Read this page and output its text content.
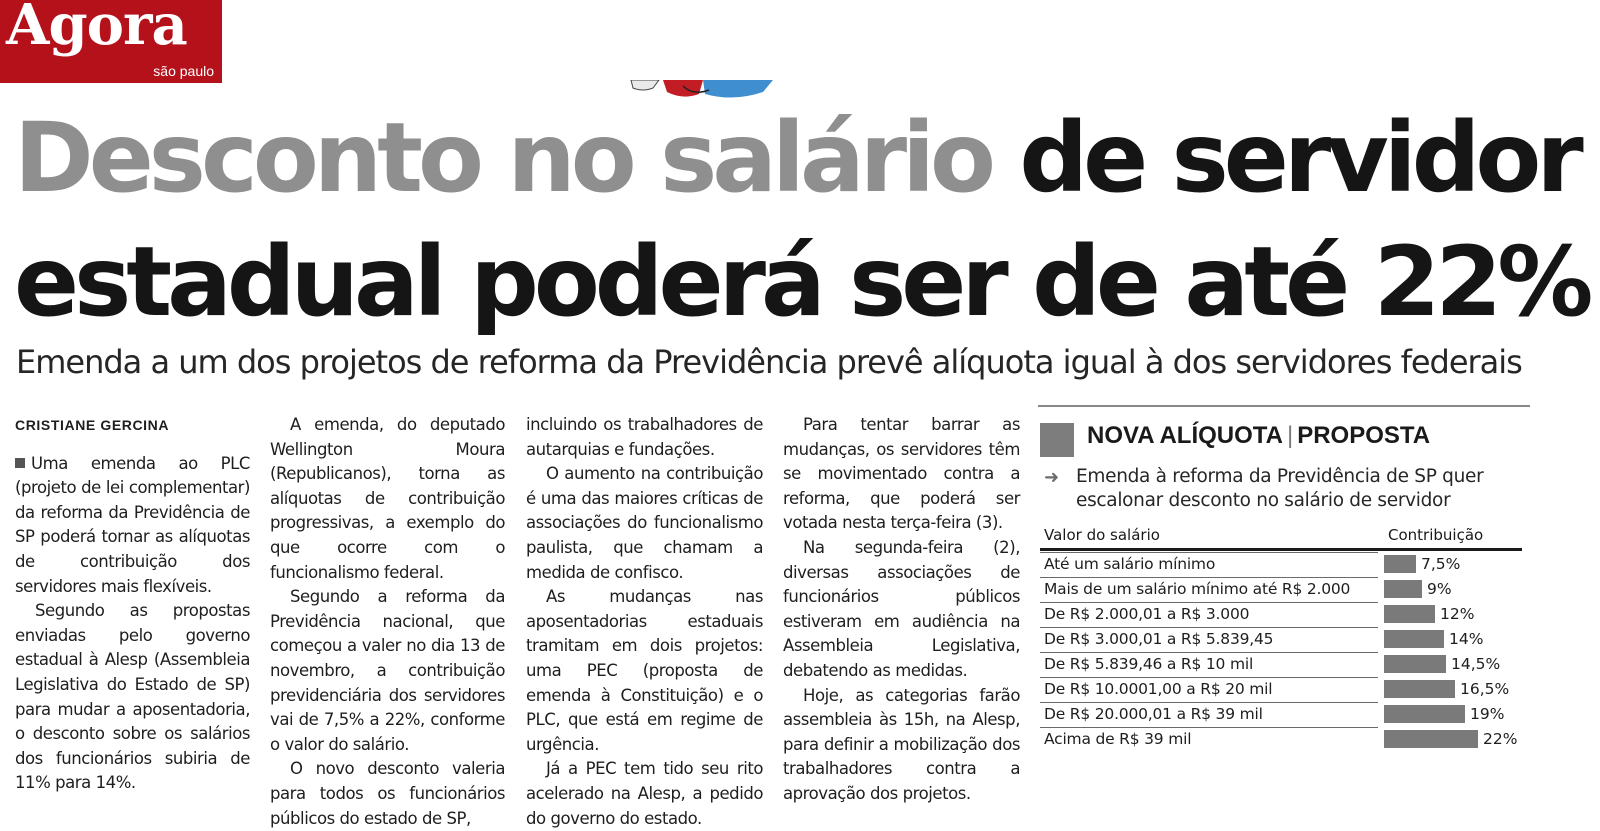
Agora
são paulo
Desconto no salário de servidor
estadual poderá ser de até 22%
Emenda a um dos projetos de reforma da Previdência prevê alíquota igual à dos servidores federais

CRISTIANE GERCINA

Uma emenda ao PLC (projeto de lei complementar) da reforma da Previdência de SP poderá tornar as alíquotas de contribuição dos servidores mais flexíveis.

Segundo as propostas enviadas pelo governo estadual à Alesp (Assembleia Legislativa do Estado de SP) para mudar a aposentadoria, o desconto sobre os salários dos funcionários subiria de 11% para 14%.

A emenda, do deputado Wellington Moura (Republicanos), torna as alíquotas de contribuição progressivas, a exemplo do que ocorre com o funcionalismo federal.

Segundo a reforma da Previdência nacional, que começou a valer no dia 13 de novembro, a contribuição previdenciária dos servidores vai de 7,5% a 22%, conforme o valor do salário.

O novo desconto valeria para todos os funcionários públicos do estado de SP,

incluindo os trabalhadores de autarquias e fundações.

O aumento na contribuição é uma das maiores críticas de associações do funcionalismo paulista, que chamam a medida de confisco.

As mudanças nas aposentadorias estaduais tramitam em dois projetos: uma PEC (proposta de emenda à Constituição) e o PLC, que está em regime de urgência.

Já a PEC tem tido seu rito acelerado na Alesp, a pedido do governo do estado.

Para tentar barrar as mudanças, os servidores têm se movimentado contra a reforma, que poderá ser votada nesta terça-feira (3).

Na segunda-feira (2), diversas associações de funcionários públicos estiveram em audiência na Assembleia Legislativa, debatendo as medidas.

Hoje, as categorias farão assembleia às 15h, na Alesp, para definir a mobilização dos trabalhadores contra a aprovação dos projetos.

NOVA ALÍQUOTA | PROPOSTA
➜ Emenda à reforma da Previdência de SP quer escalonar desconto no salário de servidor
Valor do salário	Contribuição
Até um salário mínimo	7,5%
Mais de um salário mínimo até R$ 2.000	9%
De R$ 2.000,01 a R$ 3.000	12%
De R$ 3.000,01 a R$ 5.839,45	14%
De R$ 5.839,46 a R$ 10 mil	14,5%
De R$ 10.0001,00 a R$ 20 mil	16,5%
De R$ 20.000,01 a R$ 39 mil	19%
Acima de R$ 39 mil	22%
